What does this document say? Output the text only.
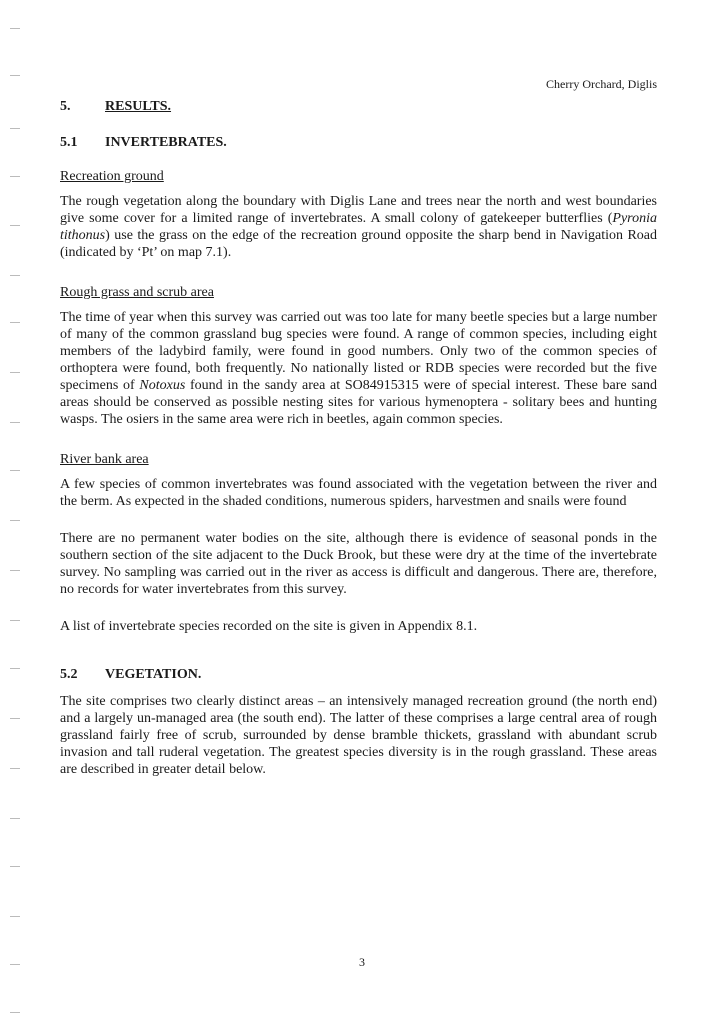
Cherry Orchard, Diglis
5.	RESULTS.
5.1	INVERTEBRATES.
Recreation ground

The rough vegetation along the boundary with Diglis Lane and trees near the north and west boundaries give some cover for a limited range of invertebrates. A small colony of gatekeeper butterflies (Pyronia tithonus) use the grass on the edge of the recreation ground opposite the sharp bend in Navigation Road (indicated by ‘Pt’ on map 7.1).

Rough grass and scrub area

The time of year when this survey was carried out was too late for many beetle species but a large number of many of the common grassland bug species were found. A range of common species, including eight members of the ladybird family, were found in good numbers. Only two of the common species of orthoptera were found, both frequently. No nationally listed or RDB species were recorded but the five specimens of Notoxus found in the sandy area at SO84915315 were of special interest. These bare sand areas should be conserved as possible nesting sites for various hymenoptera - solitary bees and hunting wasps. The osiers in the same area were rich in beetles, again common species.

River bank area

A few species of common invertebrates was found associated with the vegetation between the river and the berm. As expected in the shaded conditions, numerous spiders, harvestmen and snails were found

There are no permanent water bodies on the site, although there is evidence of seasonal ponds in the southern section of the site adjacent to the Duck Brook, but these were dry at the time of the invertebrate survey. No sampling was carried out in the river as access is difficult and dangerous. There are, therefore, no records for water invertebrates from this survey.

A list of invertebrate species recorded on the site is given in Appendix 8.1.

5.2	VEGETATION.

The site comprises two clearly distinct areas – an intensively managed recreation ground (the north end) and a largely un-managed area (the south end). The latter of these comprises a large central area of rough grassland fairly free of scrub, surrounded by dense bramble thickets, grassland with abundant scrub invasion and tall ruderal vegetation. The greatest species diversity is in the rough grassland. These areas are described in greater detail below.

3
